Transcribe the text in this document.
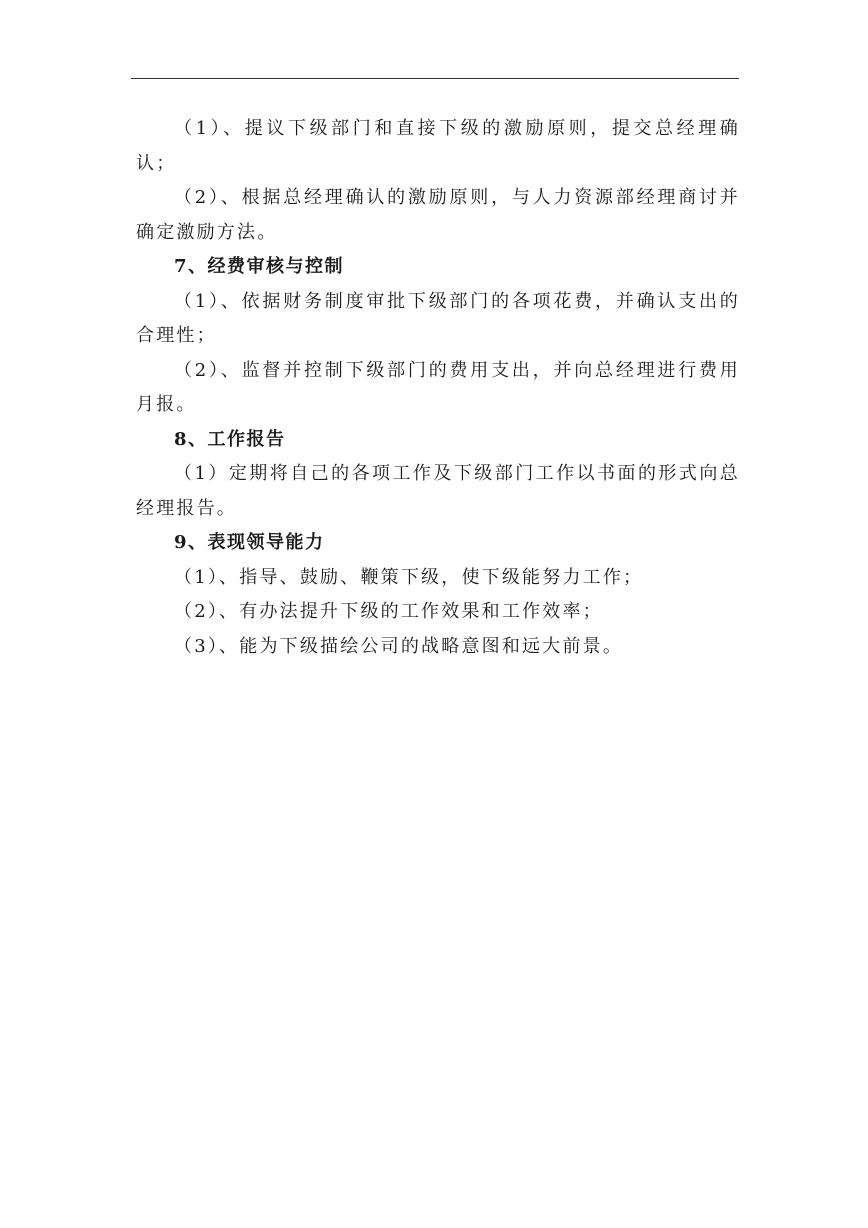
（1）、提议下级部门和直接下级的激励原则，提交总经理确认；

（2）、根据总经理确认的激励原则，与人力资源部经理商讨并确定激励方法。

7、经费审核与控制

（1）、依据财务制度审批下级部门的各项花费，并确认支出的合理性；

（2）、监督并控制下级部门的费用支出，并向总经理进行费用月报。

8、工作报告

（1）定期将自己的各项工作及下级部门工作以书面的形式向总经理报告。

9、表现领导能力

（1）、指导、鼓励、鞭策下级，使下级能努力工作；

（2）、有办法提升下级的工作效果和工作效率；

（3）、能为下级描绘公司的战略意图和远大前景。
